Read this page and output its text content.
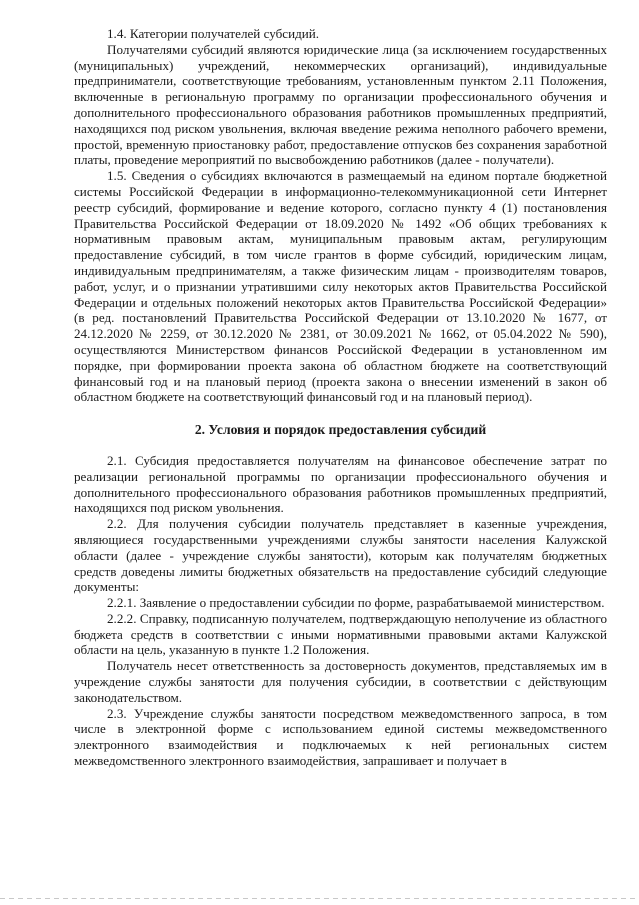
1.4. Категории получателей субсидий.

Получателями субсидий являются юридические лица (за исключением государственных (муниципальных) учреждений, некоммерческих организаций), индивидуальные предприниматели, соответствующие требованиям, установленным пунктом 2.11 Положения, включенные в региональную программу по организации профессионального обучения и дополнительного профессионального образования работников промышленных предприятий, находящихся под риском увольнения, включая введение режима неполного рабочего времени, простой, временную приостановку работ, предоставление отпусков без сохранения заработной платы, проведение мероприятий по высвобождению работников (далее - получатели).

1.5. Сведения о субсидиях включаются в размещаемый на едином портале бюджетной системы Российской Федерации в информационно-телекоммуникационной сети Интернет реестр субсидий, формирование и ведение которого, согласно пункту 4 (1) постановления Правительства Российской Федерации от 18.09.2020 № 1492 «Об общих требованиях к нормативным правовым актам, муниципальным правовым актам, регулирующим предоставление субсидий, в том числе грантов в форме субсидий, юридическим лицам, индивидуальным предпринимателям, а также физическим лицам - производителям товаров, работ, услуг, и о признании утратившими силу некоторых актов Правительства Российской Федерации и отдельных положений некоторых актов Правительства Российской Федерации» (в ред. постановлений Правительства Российской Федерации от 13.10.2020 № 1677, от 24.12.2020 № 2259, от 30.12.2020 № 2381, от 30.09.2021 № 1662, от 05.04.2022 № 590), осуществляются Министерством финансов Российской Федерации в установленном им порядке, при формировании проекта закона об областном бюджете на соответствующий финансовый год и на плановый период (проекта закона о внесении изменений в закон об областном бюджете на соответствующий финансовый год и на плановый период).

2. Условия и порядок предоставления субсидий

2.1. Субсидия предоставляется получателям на финансовое обеспечение затрат по реализации региональной программы по организации профессионального обучения и дополнительного профессионального образования работников промышленных предприятий, находящихся под риском увольнения.

2.2. Для получения субсидии получатель представляет в казенные учреждения, являющиеся государственными учреждениями службы занятости населения Калужской области (далее - учреждение службы занятости), которым как получателям бюджетных средств доведены лимиты бюджетных обязательств на предоставление субсидий следующие документы:

2.2.1. Заявление о предоставлении субсидии по форме, разрабатываемой министерством.

2.2.2. Справку, подписанную получателем, подтверждающую неполучение из областного бюджета средств в соответствии с иными нормативными правовыми актами Калужской области на цель, указанную в пункте 1.2 Положения.

Получатель несет ответственность за достоверность документов, представляемых им в учреждение службы занятости для получения субсидии, в соответствии с действующим законодательством.

2.3. Учреждение службы занятости посредством межведомственного запроса, в том числе в электронной форме с использованием единой системы межведомственного электронного взаимодействия и подключаемых к ней региональных систем межведомственного электронного взаимодействия, запрашивает и получает в
